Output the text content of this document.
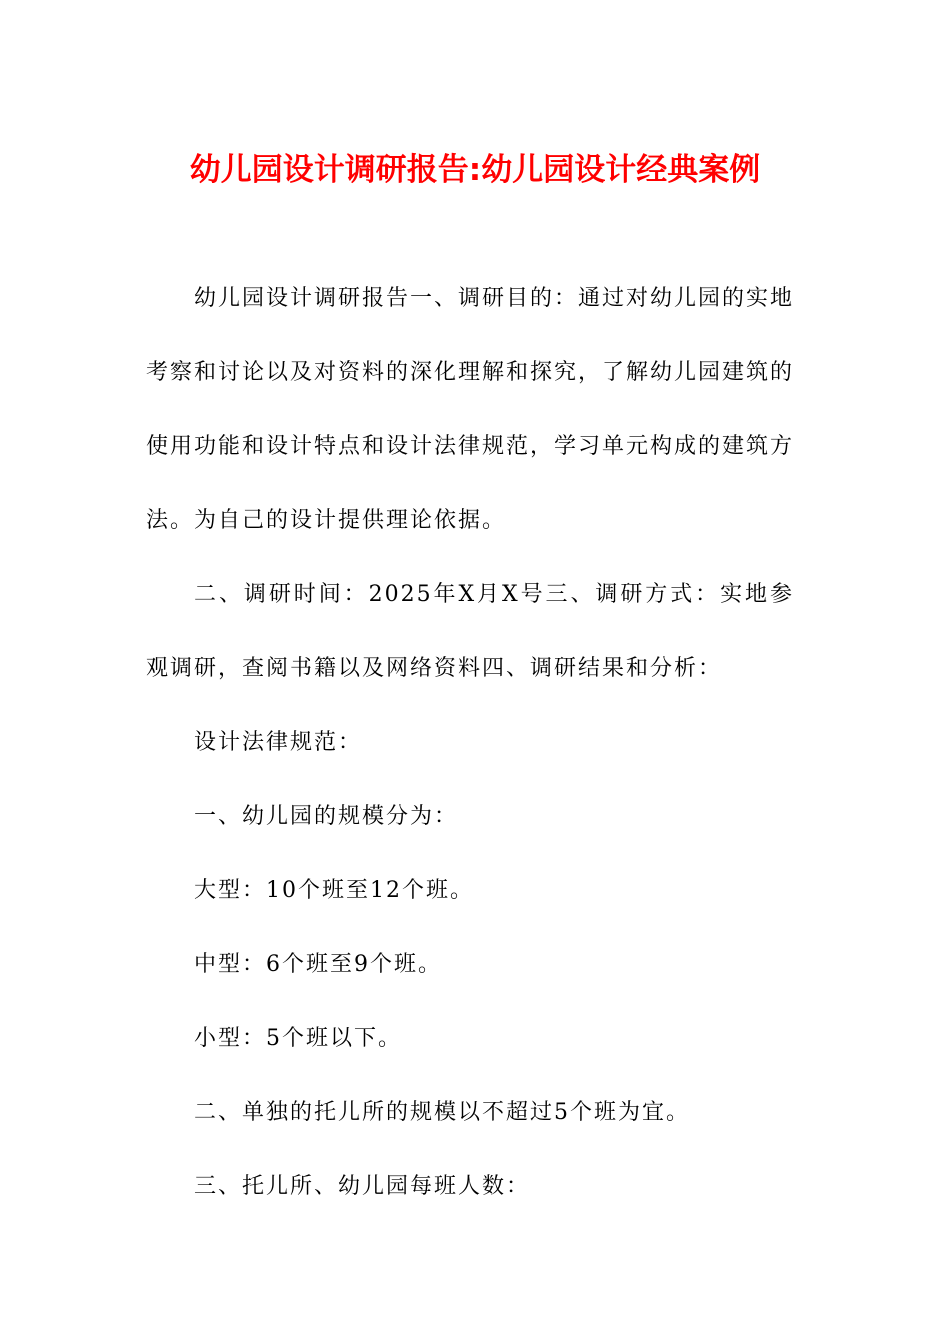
幼儿园设计调研报告:幼儿园设计经典案例

幼儿园设计调研报告一、调研目的：通过对幼儿园的实地考察和讨论以及对资料的深化理解和探究，了解幼儿园建筑的使用功能和设计特点和设计法律规范，学习单元构成的建筑方法。为自己的设计提供理论依据。

二、调研时间：2025年X月X号三、调研方式：实地参观调研，查阅书籍以及网络资料四、调研结果和分析：

设计法律规范：

一、幼儿园的规模分为：

大型：10个班至12个班。

中型：6个班至9个班。

小型：5个班以下。

二、单独的托儿所的规模以不超过5个班为宜。

三、托儿所、幼儿园每班人数：
